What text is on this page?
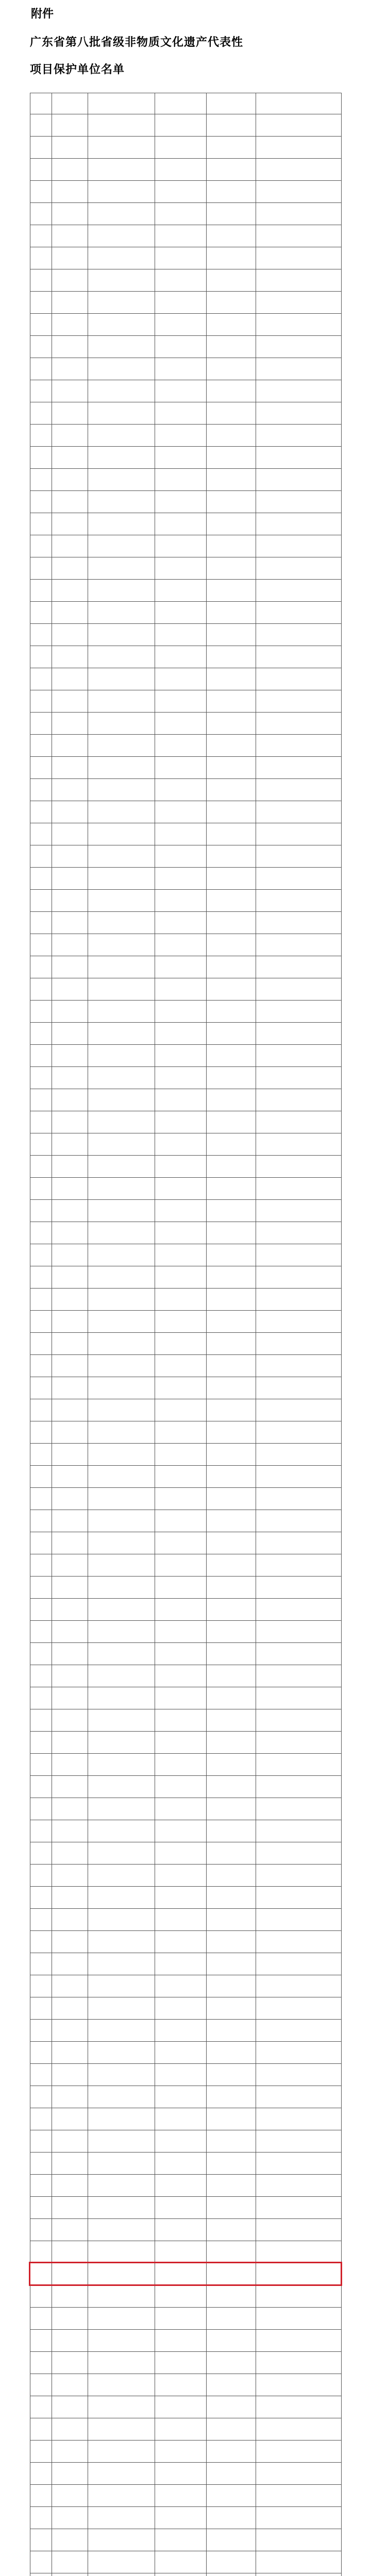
附件
广东省第八批省级非物质文化遗产代表性
项目保护单位名单
